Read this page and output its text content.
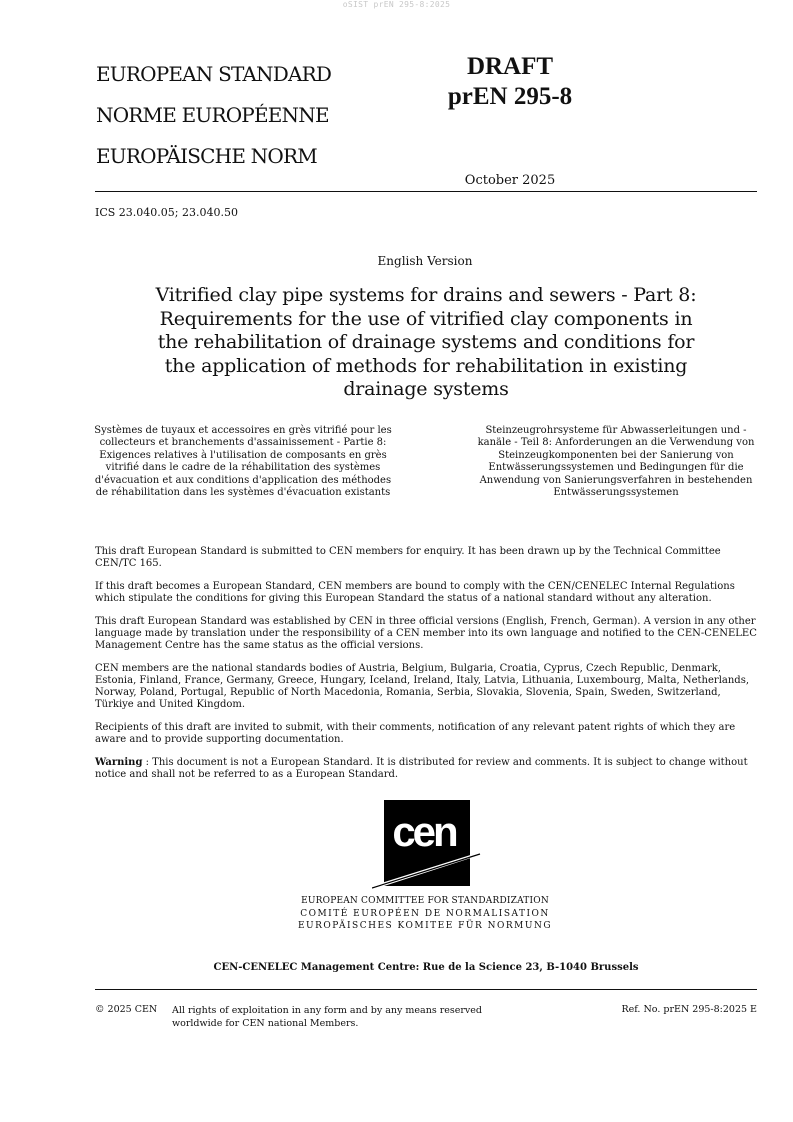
oSIST prEN 295-8:2025
EUROPEAN STANDARD
NORME EUROPÉENNE
EUROPÄISCHE NORM
DRAFT
prEN 295-8
October 2025
ICS 23.040.05; 23.040.50
English Version
Vitrified clay pipe systems for drains and sewers - Part 8: Requirements for the use of vitrified clay components in the rehabilitation of drainage systems and conditions for the application of methods for rehabilitation in existing drainage systems
Systèmes de tuyaux et accessoires en grès vitrifié pour les collecteurs et branchements d'assainissement - Partie 8: Exigences relatives à l'utilisation de composants en grès vitrifié dans le cadre de la réhabilitation des systèmes d'évacuation et aux conditions d'application des méthodes de réhabilitation dans les systèmes d'évacuation existants
Steinzeugrohrsysteme für Abwasserleitungen und -kanäle - Teil 8: Anforderungen an die Verwendung von Steinzeugkomponenten bei der Sanierung von Entwässerungssystemen und Bedingungen für die Anwendung von Sanierungsverfahren in bestehenden Entwässerungssystemen

This draft European Standard is submitted to CEN members for enquiry. It has been drawn up by the Technical Committee CEN/TC 165.

If this draft becomes a European Standard, CEN members are bound to comply with the CEN/CENELEC Internal Regulations which stipulate the conditions for giving this European Standard the status of a national standard without any alteration.

This draft European Standard was established by CEN in three official versions (English, French, German). A version in any other language made by translation under the responsibility of a CEN member into its own language and notified to the CEN-CENELEC Management Centre has the same status as the official versions.

CEN members are the national standards bodies of Austria, Belgium, Bulgaria, Croatia, Cyprus, Czech Republic, Denmark, Estonia, Finland, France, Germany, Greece, Hungary, Iceland, Ireland, Italy, Latvia, Lithuania, Luxembourg, Malta, Netherlands, Norway, Poland, Portugal, Republic of North Macedonia, Romania, Serbia, Slovakia, Slovenia, Spain, Sweden, Switzerland, Türkiye and United Kingdom.

Recipients of this draft are invited to submit, with their comments, notification of any relevant patent rights of which they are aware and to provide supporting documentation.

Warning : This document is not a European Standard. It is distributed for review and comments. It is subject to change without notice and shall not be referred to as a European Standard.

cen
EUROPEAN COMMITTEE FOR STANDARDIZATION
COMITÉ EUROPÉEN DE NORMALISATION
EUROPÄISCHES KOMITEE FÜR NORMUNG
CEN-CENELEC Management Centre: Rue de la Science 23, B-1040 Brussels
© 2025 CEN All rights of exploitation in any form and by any means reserved
worldwide for CEN national Members.
Ref. No. prEN 295-8:2025 E
